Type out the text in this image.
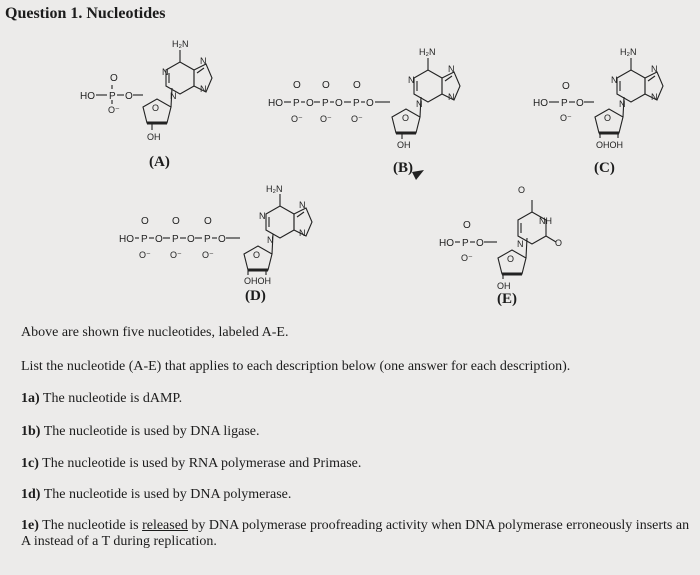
Question 1. Nucleotides
HO P
O
O⁻
O
O
OH
H₂N
N
N
N
N
HO P O P O P O
O O O
O⁻ O⁻ O⁻	O
OH
H₂N
N
N
N
N	HO P
O
O⁻
O
O
OHOH
H₂N
N
N
N
N
HO P O P O P O
O O O
O⁻ O⁻ O⁻	O
OHOH
H₂N
N
N
N
N	HO P
O
O⁻
O
O
OH
O
NH
O
N
(A)	(B)	(C)
(D)	(E)
Above are shown five nucleotides, labeled A-E.
List the nucleotide (A-E) that applies to each description below (one answer for each description).
1a) The nucleotide is dAMP.
1b) The nucleotide is used by DNA ligase.
1c) The nucleotide is used by RNA polymerase and Primase.
1d) The nucleotide is used by DNA polymerase.
1e) The nucleotide is released by DNA polymerase proofreading activity when DNA polymerase erroneously inserts an A instead of a T during replication.
